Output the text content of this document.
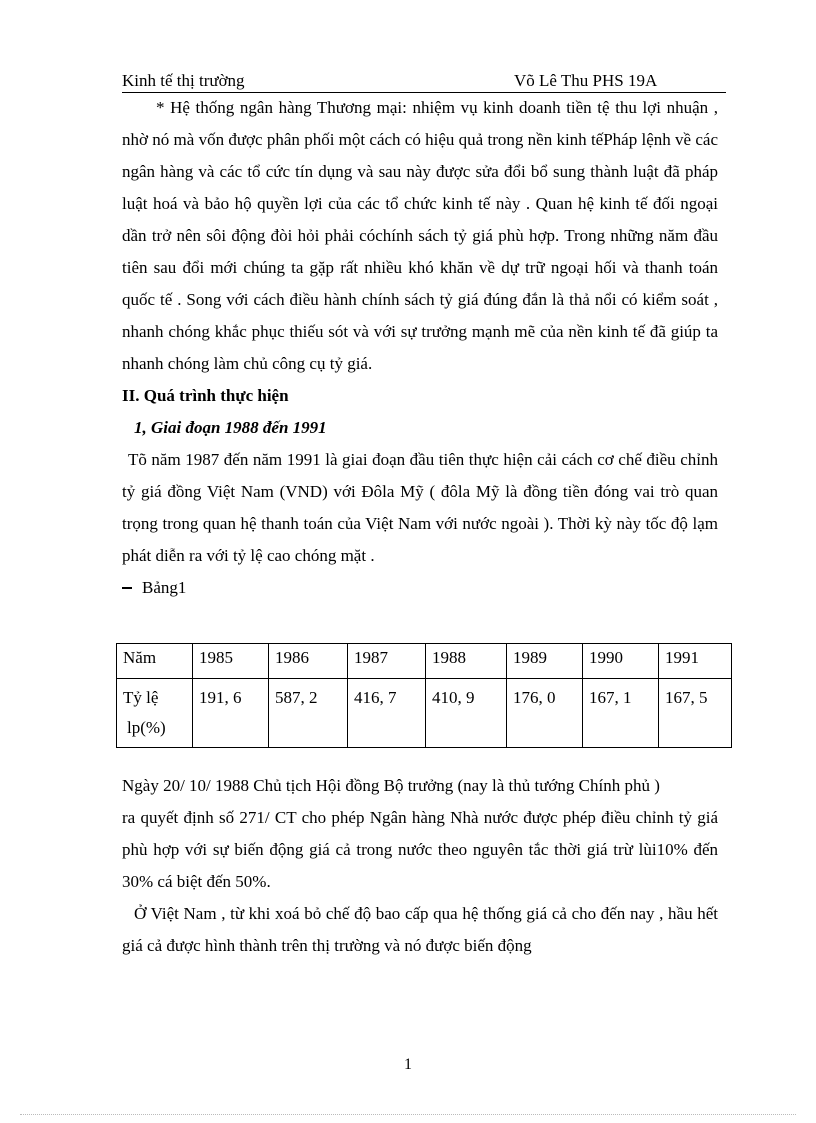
Kinh tế thị trường	Võ Lê Thu PHS 19A

* Hệ thống ngân hàng Thương mại: nhiệm vụ kinh doanh tiền tệ thu lợi nhuận , nhờ nó mà vốn được phân phối một cách có hiệu quả trong nền kinh tếPháp lệnh về các ngân hàng và các tổ cức tín dụng và sau này được sửa đổi bổ sung thành luật đã pháp luật hoá và bảo hộ quyền lợi của các tổ chức kinh tế này . Quan hệ kinh tế đối ngoại dần trở nên sôi động đòi hỏi phải cóchính sách tỷ giá phù hợp. Trong những năm đầu tiên sau đổi mới chúng ta gặp rất nhiều khó khăn về dự trữ ngoại hối và thanh toán quốc tế . Song với cách điều hành chính sách tỷ giá đúng đắn là thả nổi có kiểm soát , nhanh chóng khắc phục thiếu sót và với sự trưởng mạnh mẽ của nền kinh tế đã giúp ta nhanh chóng làm chủ công cụ tỷ giá.

II. Quá trình thực hiện

1, Giai đoạn 1988 đến 1991

Tõ năm 1987 đến năm 1991 là giai đoạn đầu tiên thực hiện cải cách cơ chế điều chỉnh tỷ giá đồng Việt Nam (VND) với Đôla Mỹ ( đôla Mỹ là đồng tiền đóng vai trò quan trọng trong quan hệ thanh toán của Việt Nam với nước ngoài ). Thời kỳ này tốc độ lạm phát diễn ra với tỷ lệ cao chóng mặt .

Bảng1

Năm	1985	1986	1987	1988	1989	1990	1991

Tỷ lệ
lp(%)	191, 6	587, 2	416, 7	410, 9	176, 0	167, 1	167, 5

Ngày 20/ 10/ 1988 Chủ tịch Hội đồng Bộ trưởng (nay là thủ tướng Chính phủ )

ra quyết định số 271/ CT cho phép Ngân hàng Nhà nước được phép điều chỉnh tỷ giá phù hợp với sự biến động giá cả trong nước theo nguyên tắc thời giá trừ lùi10% đến 30% cá biệt đến 50%.

Ở Việt Nam , từ khi xoá bỏ chế độ bao cấp qua hệ thống giá cả cho đến nay , hầu hết giá cả được hình thành trên thị trường và nó được biến động

1
